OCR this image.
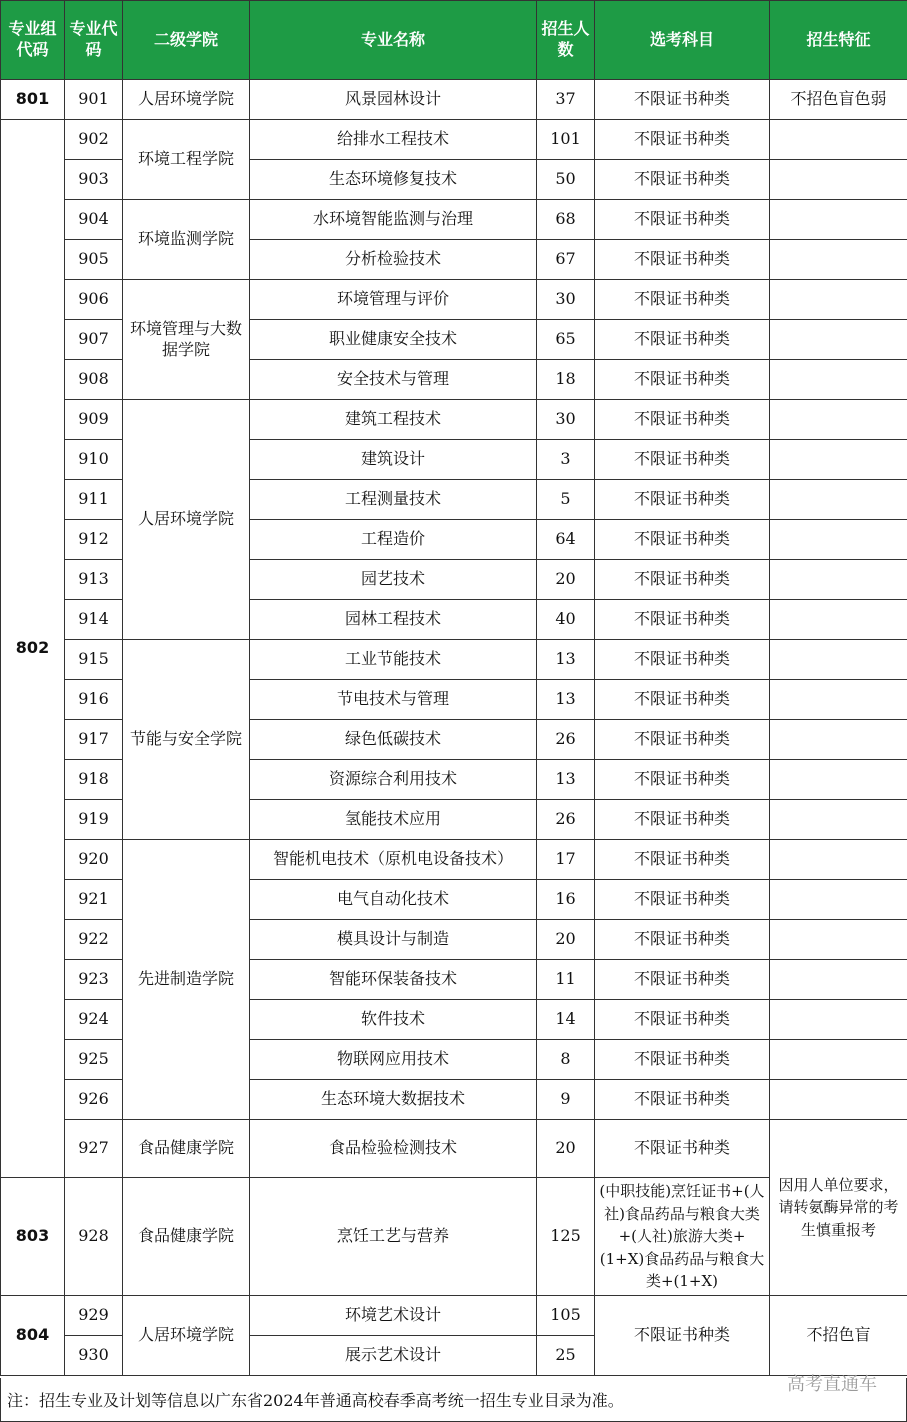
专业组代码	专业代码	二级学院	专业名称	招生人数	选考科目	招生特征
801	901	人居环境学院	风景园林设计	37	不限证书种类	不招色盲色弱
802	902	环境工程学院	给排水工程技术	101	不限证书种类	
	903		生态环境修复技术	50	不限证书种类	
	904	环境监测学院	水环境智能监测与治理	68	不限证书种类	
	905		分析检验技术	67	不限证书种类	
	906	环境管理与大数据学院	环境管理与评价	30	不限证书种类	
	907		职业健康安全技术	65	不限证书种类	
	908		安全技术与管理	18	不限证书种类	
	909	人居环境学院	建筑工程技术	30	不限证书种类	
	910		建筑设计	3	不限证书种类	
	911		工程测量技术	5	不限证书种类	
	912		工程造价	64	不限证书种类	
	913		园艺技术	20	不限证书种类	
	914		园林工程技术	40	不限证书种类	
	915	节能与安全学院	工业节能技术	13	不限证书种类	
	916		节电技术与管理	13	不限证书种类	
	917		绿色低碳技术	26	不限证书种类	
	918		资源综合利用技术	13	不限证书种类	
	919		氢能技术应用	26	不限证书种类	
	920	先进制造学院	智能机电技术（原机电设备技术）	17	不限证书种类	
	921		电气自动化技术	16	不限证书种类	
	922		模具设计与制造	20	不限证书种类	
	923		智能环保装备技术	11	不限证书种类	
	924		软件技术	14	不限证书种类	
	925		物联网应用技术	8	不限证书种类	
	926		生态环境大数据技术	9	不限证书种类	
	927	食品健康学院	食品检验检测技术	20	不限证书种类	因用人单位要求，请转氨酶异常的考生慎重报考
803	928	食品健康学院	烹饪工艺与营养	125	(中职技能)烹饪证书+(人社)食品药品与粮食大类+(人社)旅游大类+(1+X)食品药品与粮食大类+(1+X)	
804	929	人居环境学院	环境艺术设计	105	不限证书种类	不招色盲
	930		展示艺术设计	25		
注：招生专业及计划等信息以广东省2024年普通高校春季高考统一招生专业目录为准。
高考直通车
